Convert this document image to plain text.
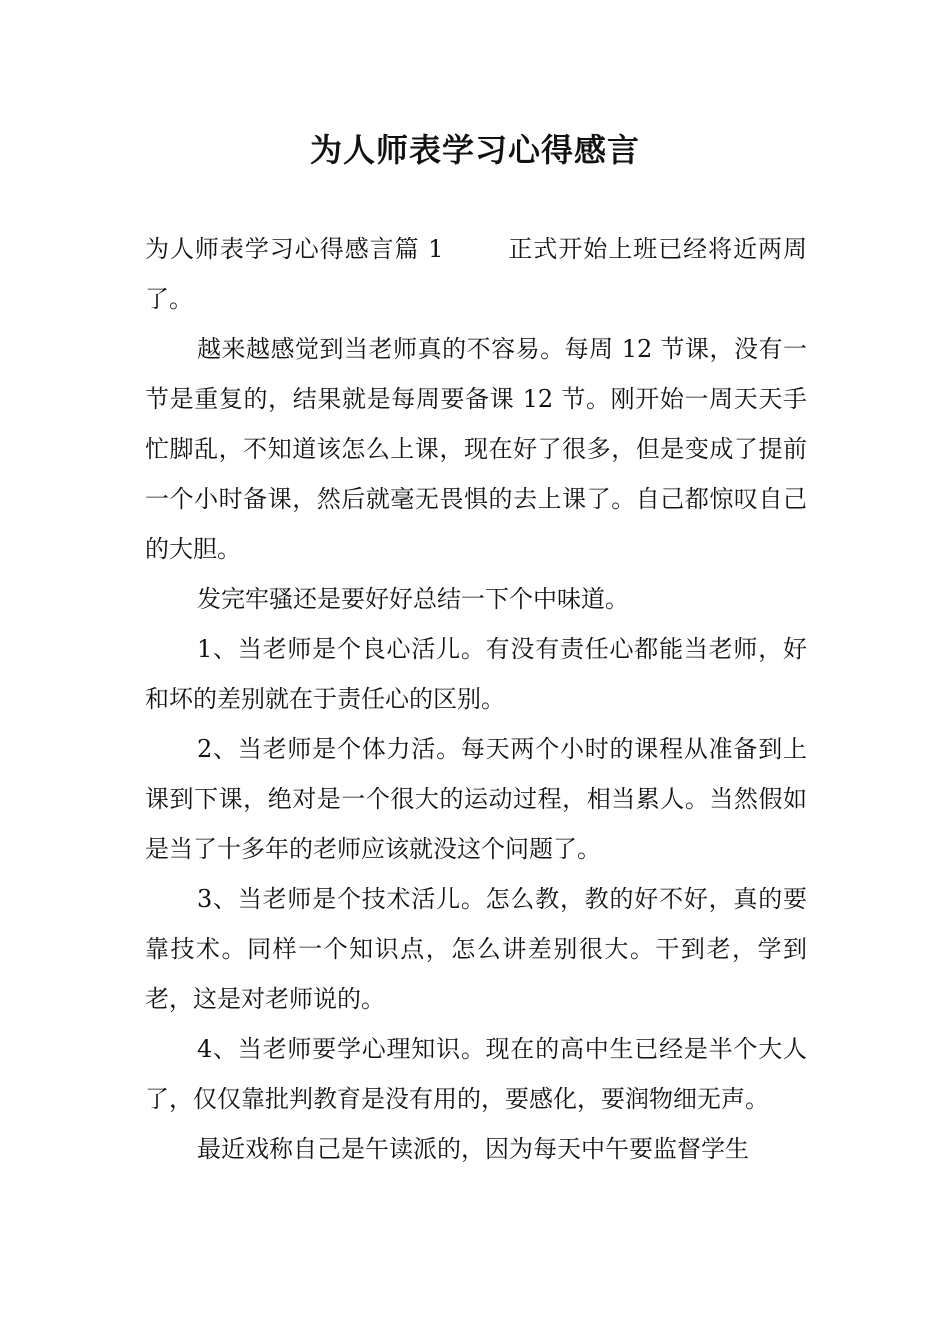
为人师表学习心得感言

为人师表学习心得感言篇 1	正式开始上班已经将近两周了。

越来越感觉到当老师真的不容易。每周 12 节课，没有一节是重复的，结果就是每周要备课 12 节。刚开始一周天天手忙脚乱，不知道该怎么上课，现在好了很多，但是变成了提前一个小时备课，然后就毫无畏惧的去上课了。自己都惊叹自己的大胆。

发完牢骚还是要好好总结一下个中味道。

1、当老师是个良心活儿。有没有责任心都能当老师，好和坏的差别就在于责任心的区别。

2、当老师是个体力活。每天两个小时的课程从准备到上课到下课，绝对是一个很大的运动过程，相当累人。当然假如是当了十多年的老师应该就没这个问题了。

3、当老师是个技术活儿。怎么教，教的好不好，真的要靠技术。同样一个知识点，怎么讲差别很大。干到老，学到老，这是对老师说的。

4、当老师要学心理知识。现在的高中生已经是半个大人了，仅仅靠批判教育是没有用的，要感化，要润物细无声。

最近戏称自己是午读派的，因为每天中午要监督学生
